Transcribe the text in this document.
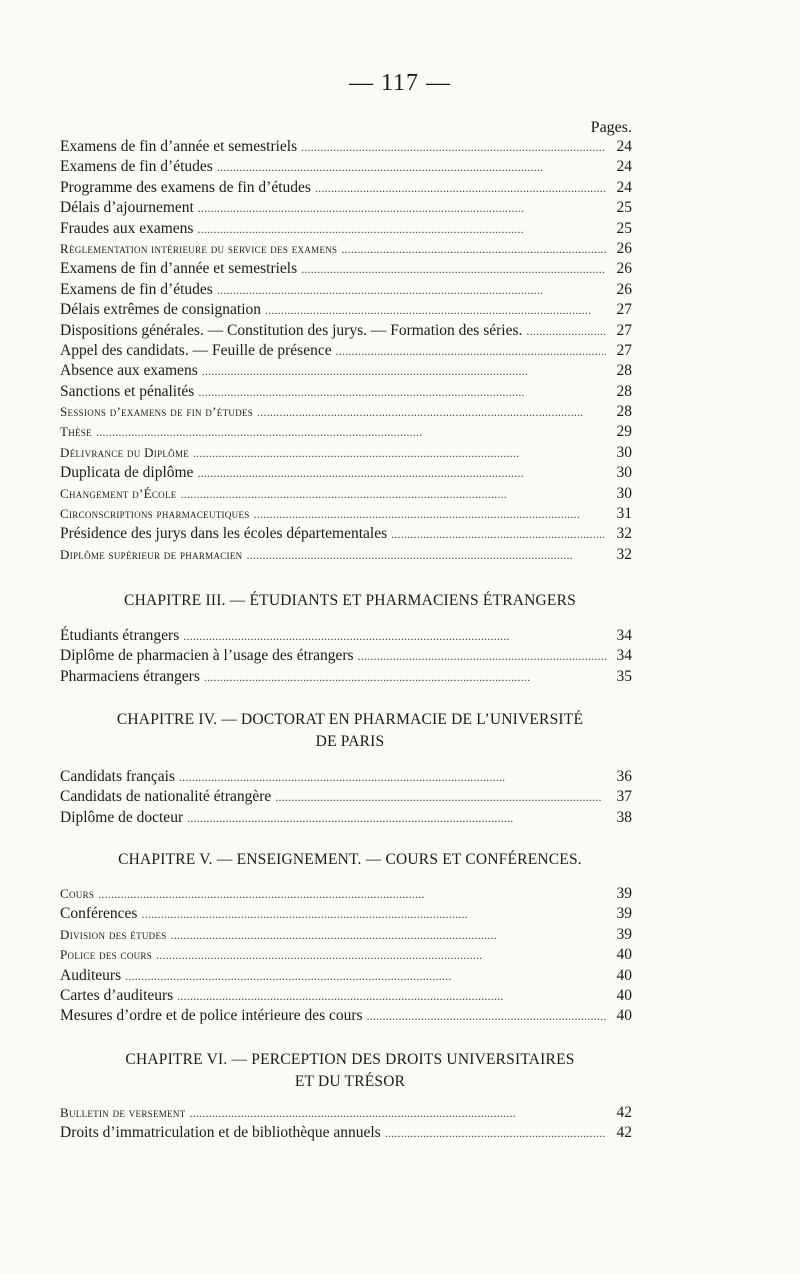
— 117 —
Pages.
Examens de fin d’année et semestriels . . .	24
Examens de fin d’études . . .	24
Programme des examens de fin d’études . . .	24
Délais d’ajournement . . .	25
Fraudes aux examens . . .	25
Règlementation intérieure du service des examens . . .	26
Examens de fin d’année et semestriels . . .	26
Examens de fin d’études . . .	26
Délais extrêmes de consignation . . .	27
Dispositions générales. — Constitution des jurys. — Formation des séries. . . .	27
Appel des candidats. — Feuille de présence . . .	27
Absence aux examens . . .	28
Sanctions et pénalités . . .	28
Sessions d’examens de fin d’études . . .	28
Thèse . . .	29
Délivrance du Diplôme . . .	30
Duplicata de diplôme . . .	30
Changement d’École . . .	30
Circonscriptions pharmaceutiques . . .	31
Présidence des jurys dans les écoles départementales . . .	32
Diplôme supérieur de pharmacien . . .	32
CHAPITRE III. — ÉTUDIANTS ET PHARMACIENS ÉTRANGERS
Étudiants étrangers . . .	34
Diplôme de pharmacien à l’usage des étrangers . . .	34
Pharmaciens étrangers . . .	35
CHAPITRE IV. — DOCTORAT EN PHARMACIE DE L’UNIVERSITÉ
DE PARIS
Candidats français . . .	36
Candidats de nationalité étrangère . . .	37
Diplôme de docteur . . .	38
CHAPITRE V. — ENSEIGNEMENT. — COURS ET CONFÉRENCES.
Cours . . .	39
Conférences . . .	39
Division des études . . .	39
Police des cours . . .	40
Auditeurs . . .	40
Cartes d’auditeurs . . .	40
Mesures d’ordre et de police intérieure des cours . . .	40
CHAPITRE VI. — PERCEPTION DES DROITS UNIVERSITAIRES
ET DU TRÉSOR
Bulletin de versement . . .	42
Droits d’immatriculation et de bibliothèque annuels . . .	42
